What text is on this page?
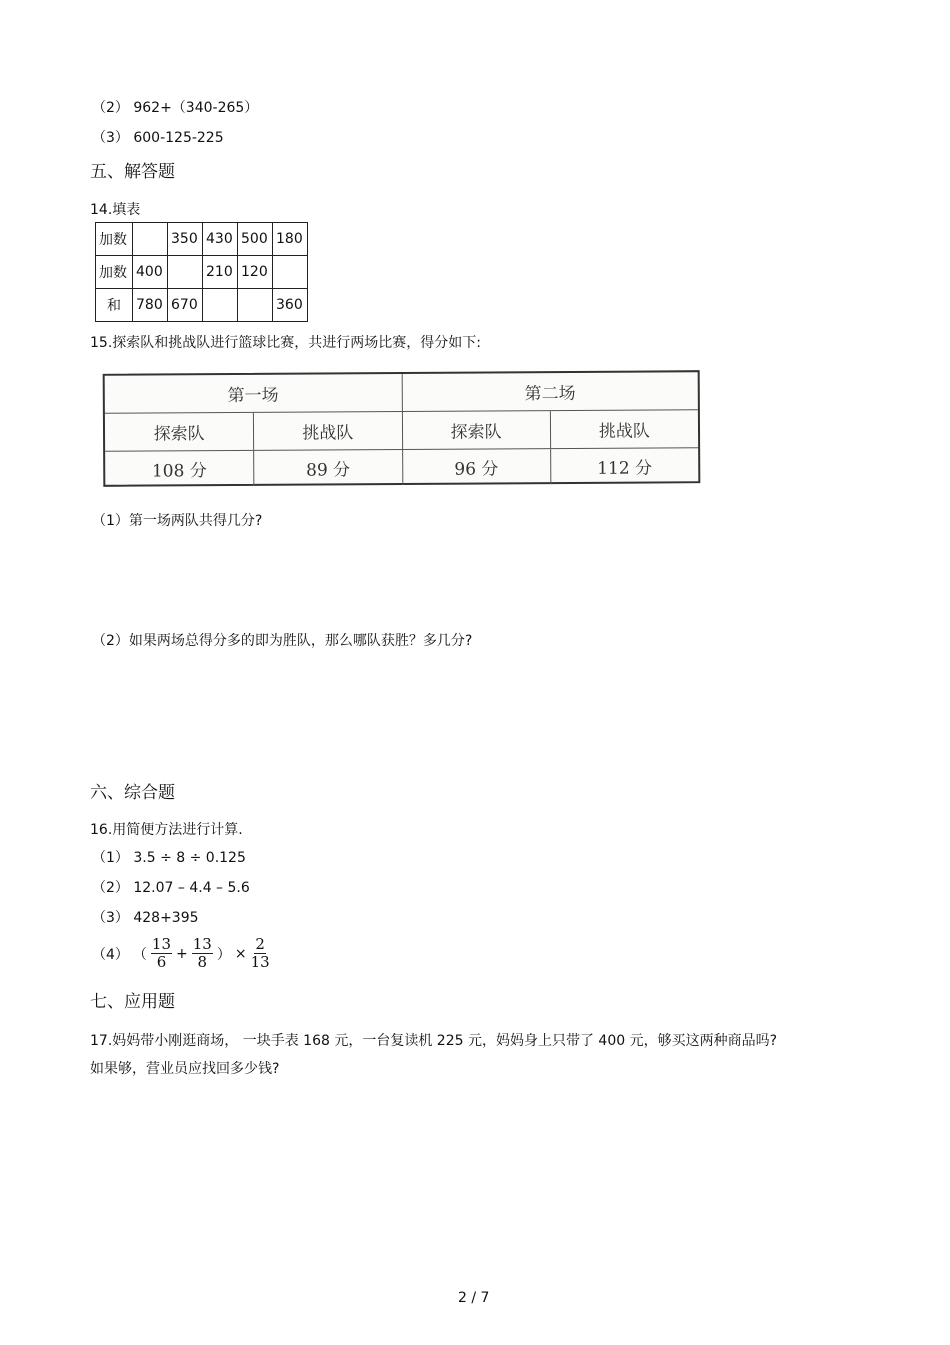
（2） 962+（340-265）
（3） 600-125-225
五、解答题
14.填表
加数		350	430	500	180
加数	400		210	120	
和	780	670			360
15.探索队和挑战队进行篮球比赛，共进行两场比赛，得分如下:
第一场	第二场
探索队	挑战队	探索队	挑战队
108 分	89 分	96 分	112 分
（1）第一场两队共得几分?
（2）如果两场总得分多的即为胜队，那么哪队获胜？多几分?
六、综合题
16.用简便方法进行计算.
（1） 3.5 ÷ 8 ÷ 0.125
（2） 12.07 – 4.4 – 5.6
（3） 428+395
（4） （ $\frac{13}{6} + \frac{13}{8}$ ） × $\frac{2}{13}$
七、应用题
17.妈妈带小刚逛商场， 一块手表 168 元，一台复读机 225 元，妈妈身上只带了 400 元，够买这两种商品吗?
如果够，营业员应找回多少钱?
2 / 7
